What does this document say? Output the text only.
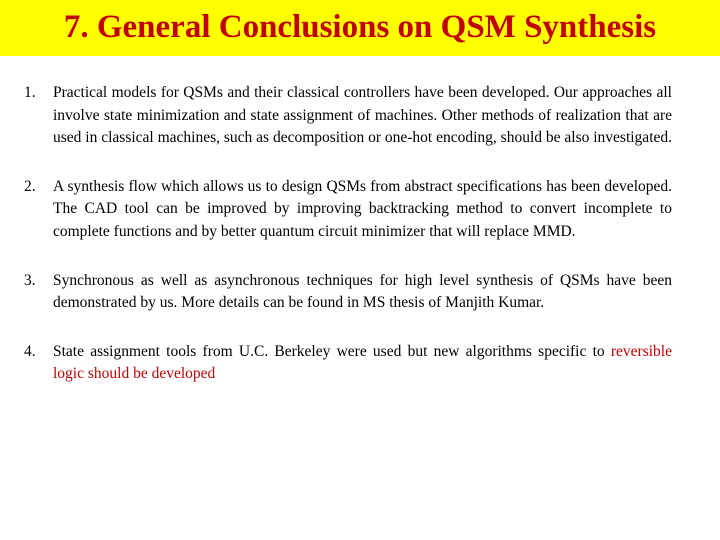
7. General Conclusions on QSM Synthesis
1. Practical models for QSMs and their classical controllers have been developed. Our approaches all involve state minimization and state assignment of machines. Other methods of realization that are used in classical machines, such as decomposition or one-hot encoding, should be also investigated.
2. A synthesis flow which allows us to design QSMs from abstract specifications has been developed. The CAD tool can be improved by improving backtracking method to convert incomplete to complete functions and by better quantum circuit minimizer that will replace MMD.
3. Synchronous as well as asynchronous techniques for high level synthesis of QSMs have been demonstrated by us. More details can be found in MS thesis of Manjith Kumar.
4. State assignment tools from U.C. Berkeley were used but new algorithms specific to reversible logic should be developed
